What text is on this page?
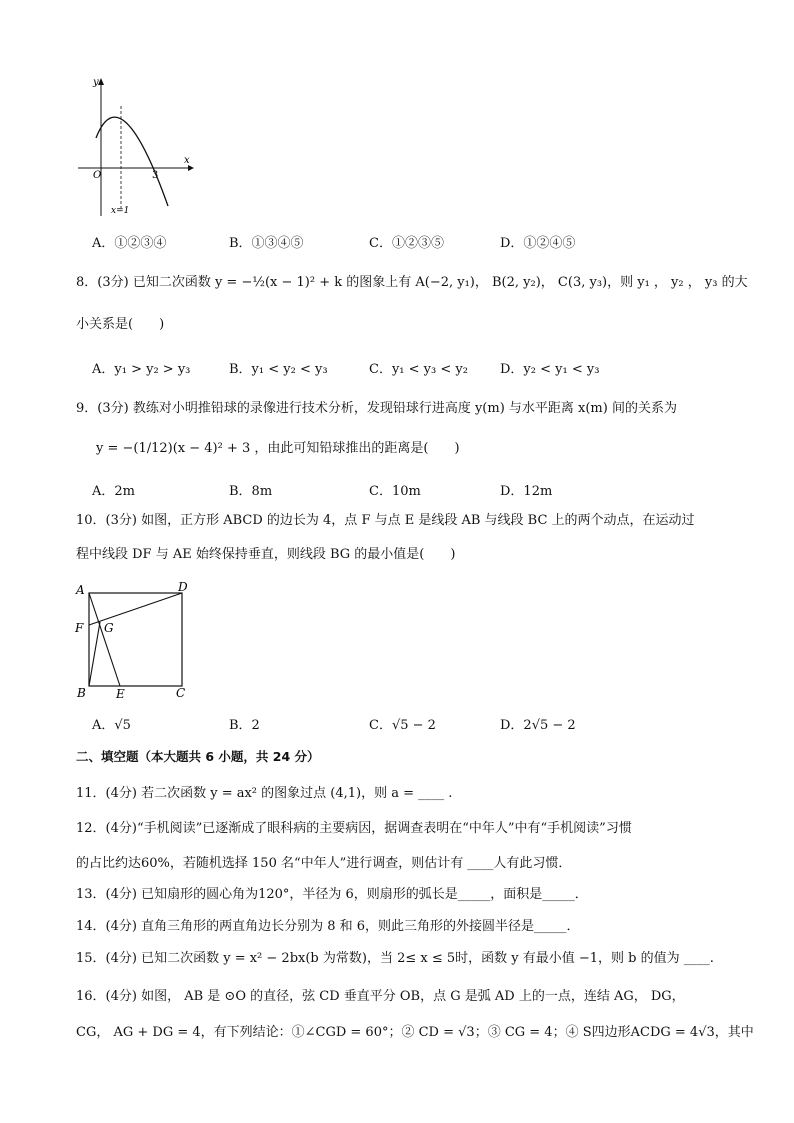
y
x
O	3
x=1
A．①②③④	B．①③④⑤	C．①②③⑤	D．①②④⑤
8．(3分) 已知二次函数 y = −½(x − 1)² + k 的图象上有 A(−2, y₁)， B(2, y₂)， C(3, y₃)，则 y₁ ， y₂ ， y₃ 的大
小关系是(　　)
A．y₁ > y₂ > y₃	B．y₁ < y₂ < y₃	C．y₁ < y₃ < y₂ D．y₂ < y₁ < y₃
9．(3分) 教练对小明推铅球的录像进行技术分析，发现铅球行进高度 y(m) 与水平距离 x(m) 间的关系为
y = −(1/12)(x − 4)² + 3 ，由此可知铅球推出的距离是(　　)
A．2m	B．8m	C．10m	D．12m
10．(3分) 如图，正方形 ABCD 的边长为 4，点 F 与点 E 是线段 AB 与线段 BC 上的两个动点，在运动过
程中线段 DF 与 AE 始终保持垂直，则线段 BG 的最小值是(　　)
A	D
F G
B	E	C
A．√5	B．2	C．√5 − 2	D．2√5 − 2
二、填空题（本大题共 6 小题，共 24 分）
11．(4分) 若二次函数 y = ax² 的图象过点 (4,1)，则 a = ____ .
12．(4分)“手机阅读”已逐渐成了眼科病的主要病因，据调查表明在“中年人”中有“手机阅读”习惯
的占比约达60%，若随机选择 150 名“中年人”进行调查，则估计有 ____人有此习惯．
13．(4分) 已知扇形的圆心角为120°，半径为 6，则扇形的弧长是_____，面积是_____．
14．(4分) 直角三角形的两直角边长分别为 8 和 6，则此三角形的外接圆半径是_____．
15．(4分) 已知二次函数 y = x² − 2bx(b 为常数)，当 2≤ x ≤ 5时，函数 y 有最小值 −1，则 b 的值为 ____.
16．(4分) 如图， AB 是 ⊙O 的直径，弦 CD 垂直平分 OB，点 G 是弧 AD 上的一点，连结 AG， DG，
CG， AG + DG = 4，有下列结论：①∠CGD = 60°；② CD = √3；③ CG = 4；④ S四边形ACDG = 4√3，其中
